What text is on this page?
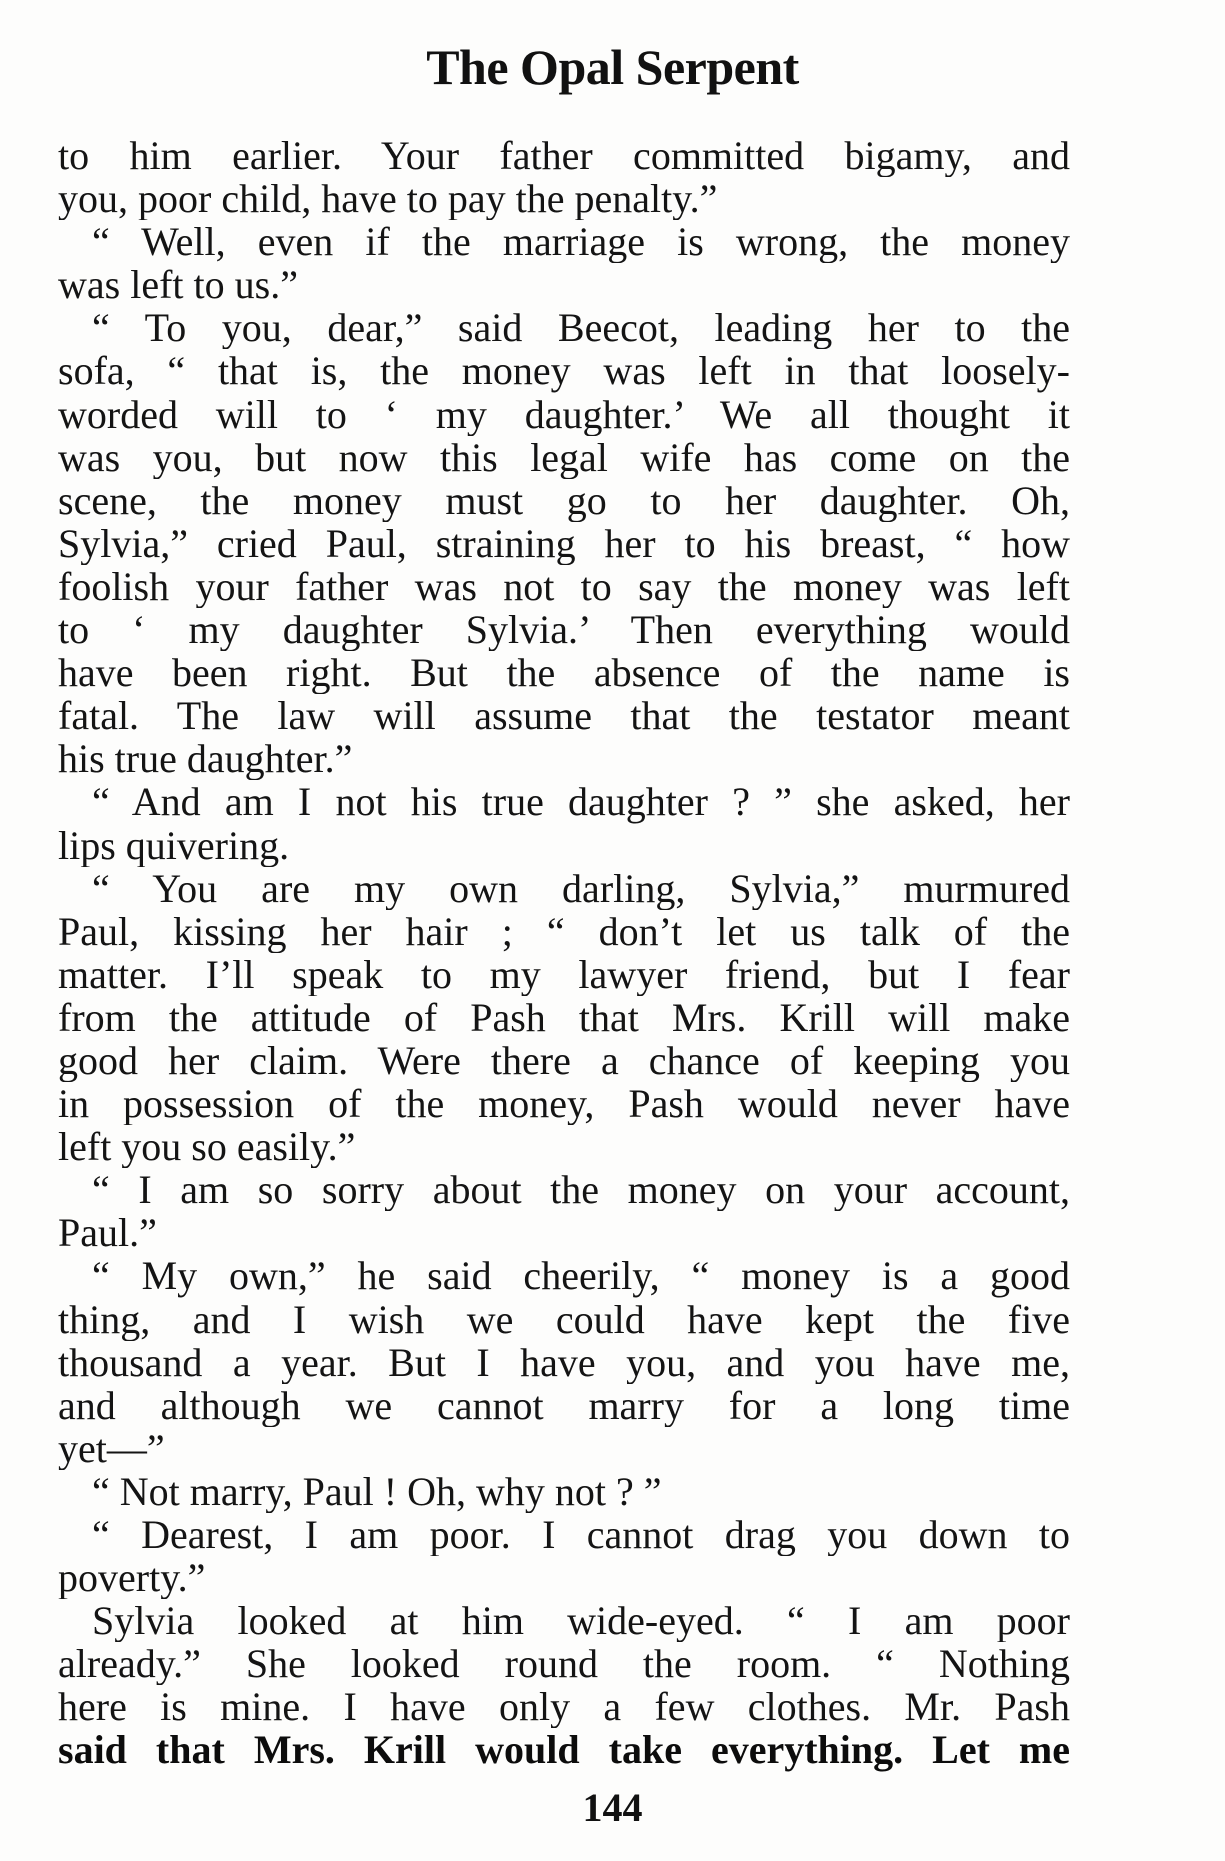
The Opal Serpent
to him earlier. Your father committed bigamy, and
you, poor child, have to pay the penalty.”
“ Well, even if the marriage is wrong, the money
was left to us.”
“ To you, dear,” said Beecot, leading her to the
sofa, “ that is, the money was left in that loosely-
worded will to ‘ my daughter.’ We all thought it
was you, but now this legal wife has come on the
scene, the money must go to her daughter. Oh,
Sylvia,” cried Paul, straining her to his breast, “ how
foolish your father was not to say the money was left
to ‘ my daughter Sylvia.’ Then everything would
have been right. But the absence of the name is
fatal. The law will assume that the testator meant
his true daughter.”
“ And am I not his true daughter ? ” she asked, her
lips quivering.
“ You are my own darling, Sylvia,” murmured
Paul, kissing her hair ; “ don’t let us talk of the
matter. I’ll speak to my lawyer friend, but I fear
from the attitude of Pash that Mrs. Krill will make
good her claim. Were there a chance of keeping you
in possession of the money, Pash would never have
left you so easily.”
“ I am so sorry about the money on your account,
Paul.”
“ My own,” he said cheerily, “ money is a good
thing, and I wish we could have kept the five
thousand a year. But I have you, and you have me,
and although we cannot marry for a long time
yet—”
“ Not marry, Paul ! Oh, why not ? ”
“ Dearest, I am poor. I cannot drag you down to
poverty.”
Sylvia looked at him wide-eyed. “ I am poor
already.” She looked round the room. “ Nothing
here is mine. I have only a few clothes. Mr. Pash
said that Mrs. Krill would take everything. Let me
144
